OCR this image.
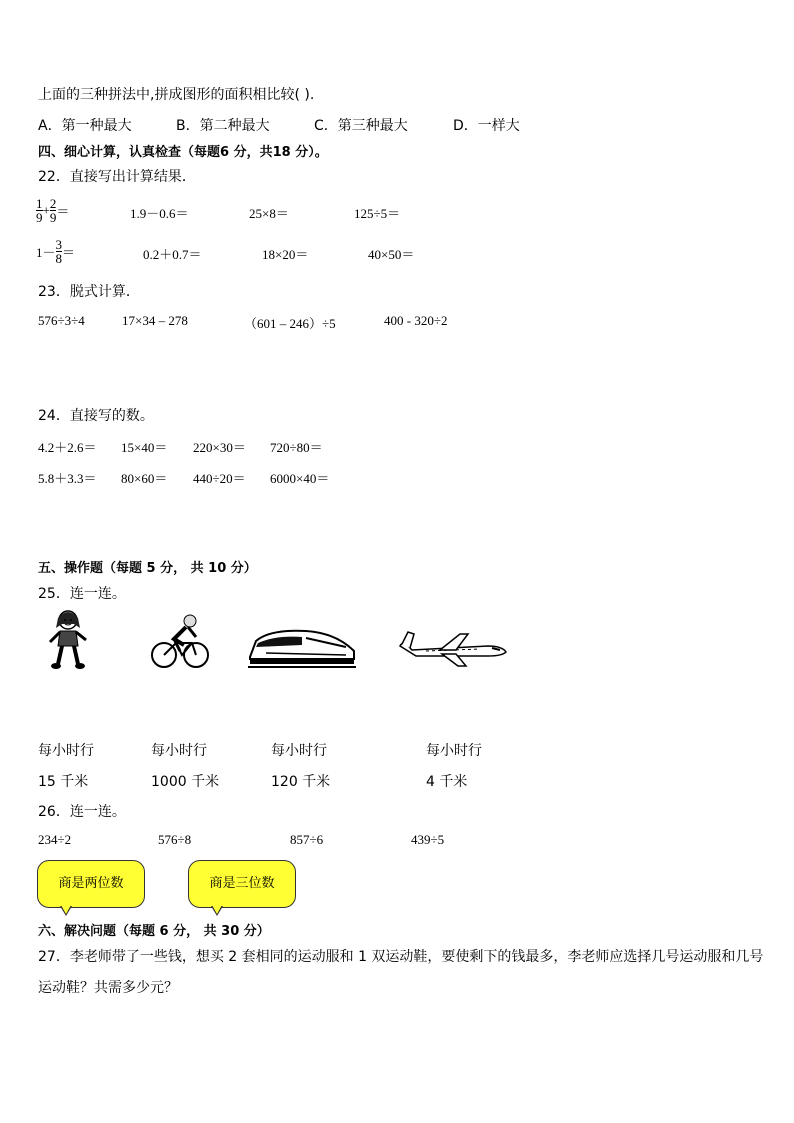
上面的三种拼法中,拼成图形的面积相比较( ).
A．第一种最大	B．第二种最大	C．第三种最大	D．一样大
四、细心计算，认真检查（每题6 分，共18 分）。
22．直接写出计算结果．
$\frac{1}{9} + \frac{2}{9}$ ＝	1.9－0.6＝	25×8＝	125÷5＝
$1- \frac{3}{8}$ ＝	0.2＋0.7＝	18×20＝	40×50＝
23．脱式计算．
576÷3÷4	17×34 – 278	（601 – 246）÷5	400 - 320÷2
24．直接写的数。
4.2＋2.6＝ 15×40＝ 220×30＝ 720÷80＝
5.8＋3.3＝ 80×60＝ 440÷20＝ 6000×40＝
五、操作题（每题 5 分， 共 10 分）
25．连一连。
每小时行	每小时行	每小时行	每小时行
15 千米	1000 千米	120 千米	4 千米
26．连一连。
234÷2	576÷8	857÷6	439÷5
商是两位数	商是三位数
六、解决问题（每题 6 分， 共 30 分）
27．李老师带了一些钱，想买 2 套相同的运动服和 1 双运动鞋，要使剩下的钱最多，李老师应选择几号运动服和几号
运动鞋？共需多少元？
